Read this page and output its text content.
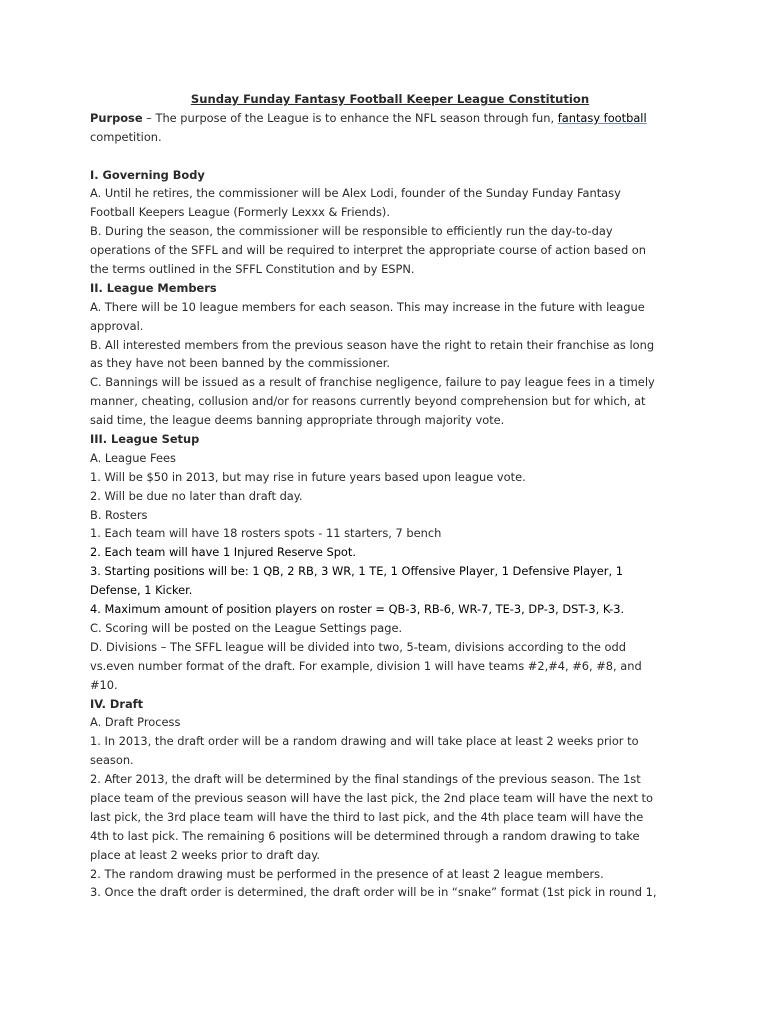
Sunday Funday Fantasy Football Keeper League Constitution
Purpose – The purpose of the League is to enhance the NFL season through fun, fantasy football
competition.
I. Governing Body
A. Until he retires, the commissioner will be Alex Lodi, founder of the Sunday Funday Fantasy
Football Keepers League (Formerly Lexxx & Friends).
B. During the season, the commissioner will be responsible to efficiently run the day-to-day
operations of the SFFL and will be required to interpret the appropriate course of action based on
the terms outlined in the SFFL Constitution and by ESPN.
II. League Members
A. There will be 10 league members for each season. This may increase in the future with league
approval.
B. All interested members from the previous season have the right to retain their franchise as long
as they have not been banned by the commissioner.
C. Bannings will be issued as a result of franchise negligence, failure to pay league fees in a timely
manner, cheating, collusion and/or for reasons currently beyond comprehension but for which, at
said time, the league deems banning appropriate through majority vote.
III. League Setup
A. League Fees
1. Will be $50 in 2013, but may rise in future years based upon league vote.
2. Will be due no later than draft day.
B. Rosters
1. Each team will have 18 rosters spots - 11 starters, 7 bench
2. Each team will have 1 Injured Reserve Spot.
3. Starting positions will be: 1 QB, 2 RB, 3 WR, 1 TE, 1 Offensive Player, 1 Defensive Player, 1
Defense, 1 Kicker.
4. Maximum amount of position players on roster = QB-3, RB-6, WR-7, TE-3, DP-3, DST-3, K-3.
C. Scoring will be posted on the League Settings page.
D. Divisions – The SFFL league will be divided into two, 5-team, divisions according to the odd
vs.even number format of the draft. For example, division 1 will have teams #2,#4, #6, #8, and
#10.
IV. Draft
A. Draft Process
1. In 2013, the draft order will be a random drawing and will take place at least 2 weeks prior to
season.
2. After 2013, the draft will be determined by the final standings of the previous season. The 1st
place team of the previous season will have the last pick, the 2nd place team will have the next to
last pick, the 3rd place team will have the third to last pick, and the 4th place team will have the
4th to last pick. The remaining 6 positions will be determined through a random drawing to take
place at least 2 weeks prior to draft day.
2. The random drawing must be performed in the presence of at least 2 league members.
3. Once the draft order is determined, the draft order will be in “snake” format (1st pick in round 1,
